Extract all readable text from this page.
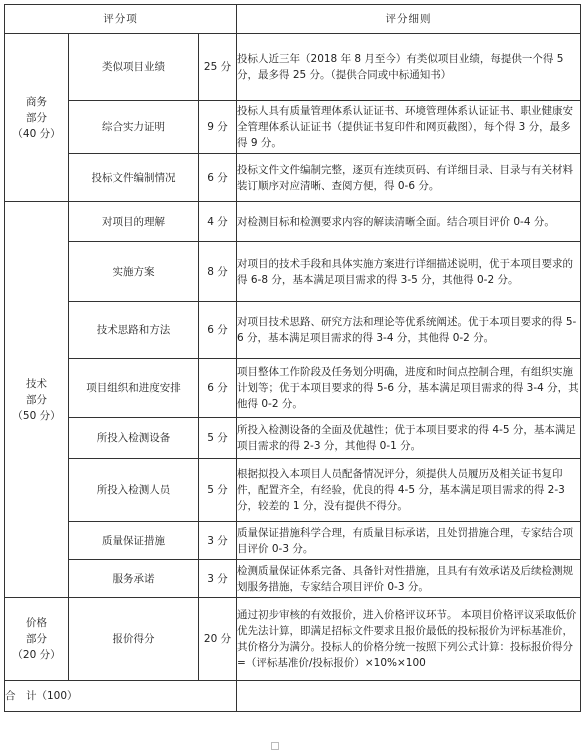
评分项			评分细则

商务
部分
（40 分）	类似项目业绩	25 分	投标人近三年（2018 年 8 月至今）有类似项目业绩，每提供一个得 5 分，最多得 25 分。（提供合同或中标通知书）
	综合实力证明	9 分	投标人具有质量管理体系认证证书、环境管理体系认证证书、职业健康安全管理体系认证证书（提供证书复印件和网页截图），每个得 3 分，最多得 9 分。
	投标文件编制情况	6 分	投标文件文件编制完整，逐页有连续页码、有详细目录、目录与有关材料装订顺序对应清晰、查阅方便，得 0-6 分。

技术
部分
（50 分）	对项目的理解	4 分	对检测目标和检测要求内容的解读清晰全面。结合项目评价 0-4 分。
	实施方案	8 分	对项目的技术手段和具体实施方案进行详细描述说明，优于本项目要求的得 6-8 分，基本满足项目需求的得 3-5 分，其他得 0-2 分。
	技术思路和方法	6 分	对项目技术思路、研究方法和理论等优系统阐述。优于本项目要求的得 5-6 分，基本满足项目需求的得 3-4 分，其他得 0-2 分。
	项目组织和进度安排	6 分	项目整体工作阶段及任务划分明确，进度和时间点控制合理，有组织实施计划等；优于本项目要求的得 5-6 分，基本满足项目需求的得 3-4 分，其他得 0-2 分。
	所投入检测设备	5 分	所投入检测设备的全面及优越性；优于本项目要求的得 4-5 分，基本满足项目需求的得 2-3 分，其他得 0-1 分。
	所投入检测人员	5 分	根据拟投入本项目人员配备情况评分，须提供人员履历及相关证书复印件，配置齐全，有经验，优良的得 4-5 分，基本满足项目需求的得 2-3 分，较差的 1 分，没有提供不得分。
	质量保证措施	3 分	质量保证措施科学合理，有质量目标承诺，且处罚措施合理，专家结合项目评价 0-3 分。
	服务承诺	3 分	检测质量保证体系完备、具备针对性措施，且具有有效承诺及后续检测规划服务措施，专家结合项目评价 0-3 分。

价格
部分
（20 分）	报价得分	20 分	通过初步审核的有效报价，进入价格评议环节。 本项目价格评议采取低价优先法计算，即满足招标文件要求且报价最低的投标报价为评标基准价，其价格分为满分。投标人的价格分统一按照下列公式计算：投标报价得分 =（评标基准价/投标报价）×10%×100
合　计（100）			
